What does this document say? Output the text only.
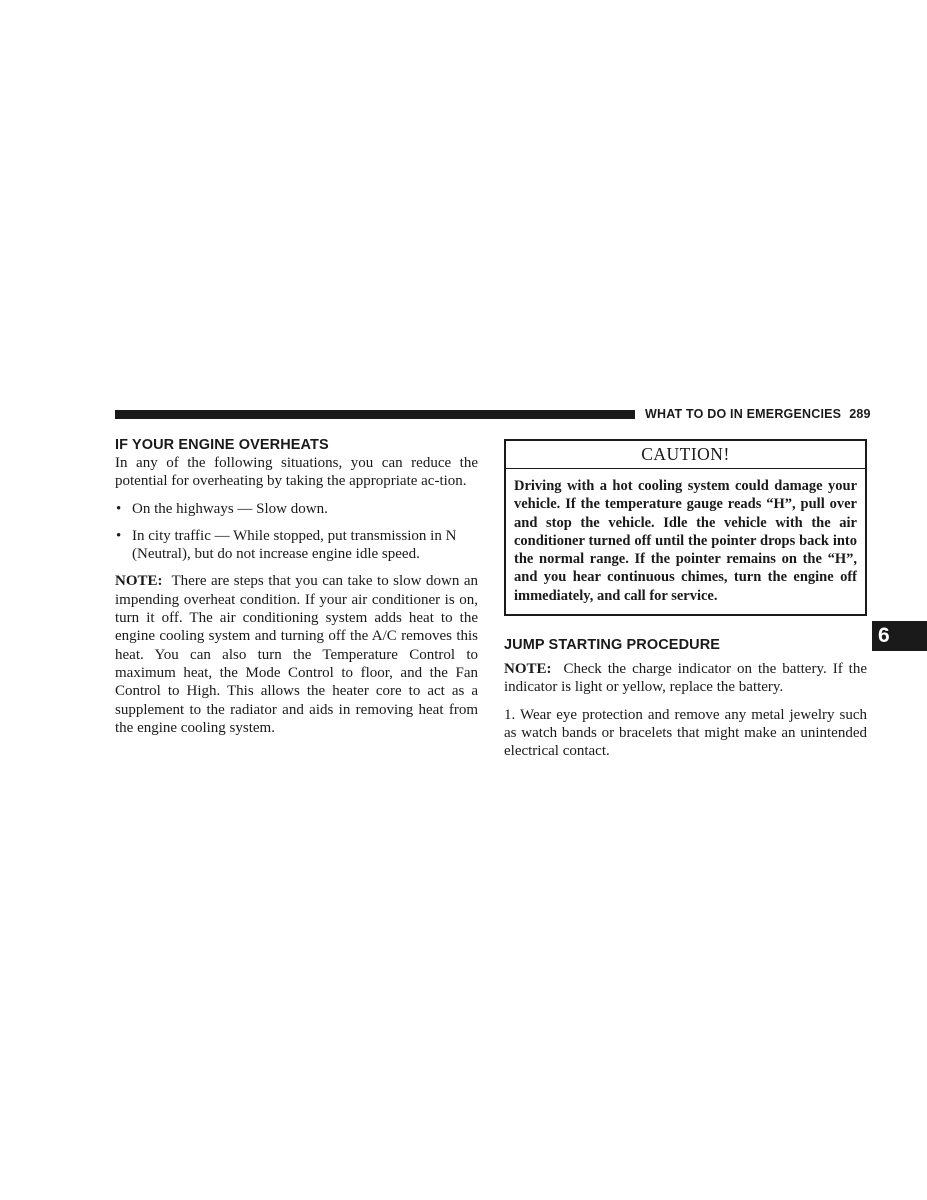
WHAT TO DO IN EMERGENCIES 289
IF YOUR ENGINE OVERHEATS

In any of the following situations, you can reduce the potential for overheating by taking the appropriate ac-tion.

• On the highways — Slow down.
• In city traffic — While stopped, put transmission in N (Neutral), but do not increase engine idle speed.

NOTE: There are steps that you can take to slow down an impending overheat condition. If your air conditioner is on, turn it off. The air conditioning system adds heat to the engine cooling system and turning off the A/C removes this heat. You can also turn the Temperature Control to maximum heat, the Mode Control to floor, and the Fan Control to High. This allows the heater core to act as a supplement to the radiator and aids in removing heat from the engine cooling system.

CAUTION!
Driving with a hot cooling system could damage your vehicle. If the temperature gauge reads “H”, pull over and stop the vehicle. Idle the vehicle with the air conditioner turned off until the pointer drops back into the normal range. If the pointer remains on the “H”, and you hear continuous chimes, turn the engine off immediately, and call for service.
JUMP STARTING PROCEDURE

NOTE: Check the charge indicator on the battery. If the indicator is light or yellow, replace the battery.

1. Wear eye protection and remove any metal jewelry such as watch bands or bracelets that might make an unintended electrical contact.

6
